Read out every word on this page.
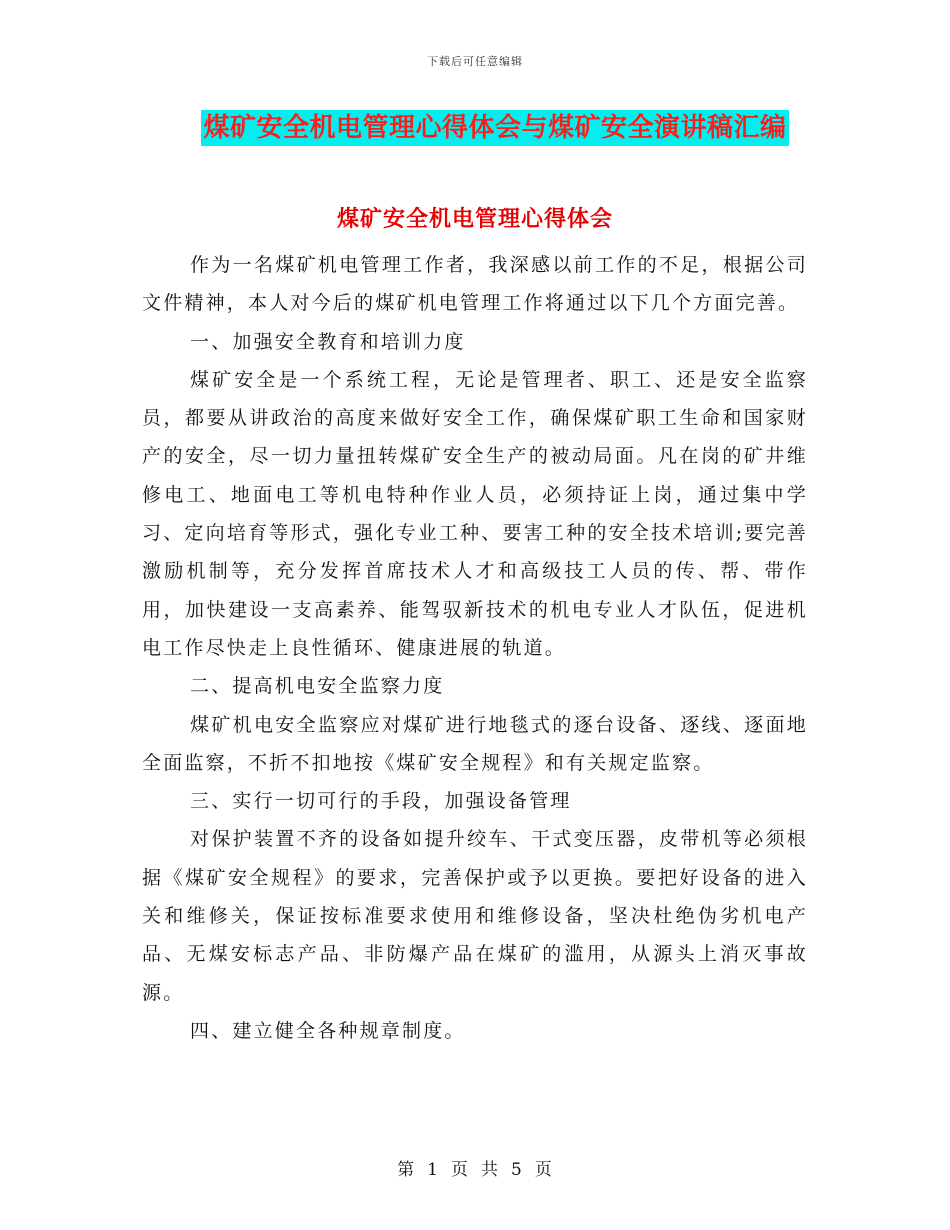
下载后可任意编辑
煤矿安全机电管理心得体会与煤矿安全演讲稿汇编
煤矿安全机电管理心得体会

作为一名煤矿机电管理工作者，我深感以前工作的不足，根据公司文件精神，本人对今后的煤矿机电管理工作将通过以下几个方面完善。

一、加强安全教育和培训力度

煤矿安全是一个系统工程，无论是管理者、职工、还是安全监察员，都要从讲政治的高度来做好安全工作，确保煤矿职工生命和国家财产的安全，尽一切力量扭转煤矿安全生产的被动局面。凡在岗的矿井维修电工、地面电工等机电特种作业人员，必须持证上岗，通过集中学习、定向培育等形式，强化专业工种、要害工种的安全技术培训;要完善激励机制等，充分发挥首席技术人才和高级技工人员的传、帮、带作用，加快建设一支高素养、能驾驭新技术的机电专业人才队伍，促进机电工作尽快走上良性循环、健康进展的轨道。

二、提高机电安全监察力度

煤矿机电安全监察应对煤矿进行地毯式的逐台设备、逐线、逐面地全面监察，不折不扣地按《煤矿安全规程》和有关规定监察。

三、实行一切可行的手段，加强设备管理

对保护装置不齐的设备如提升绞车、干式变压器，皮带机等必须根据《煤矿安全规程》的要求，完善保护或予以更换。要把好设备的进入关和维修关，保证按标准要求使用和维修设备，坚决杜绝伪劣机电产品、无煤安标志产品、非防爆产品在煤矿的滥用，从源头上消灭事故源。

四、建立健全各种规章制度。

第 1 页 共 5 页
